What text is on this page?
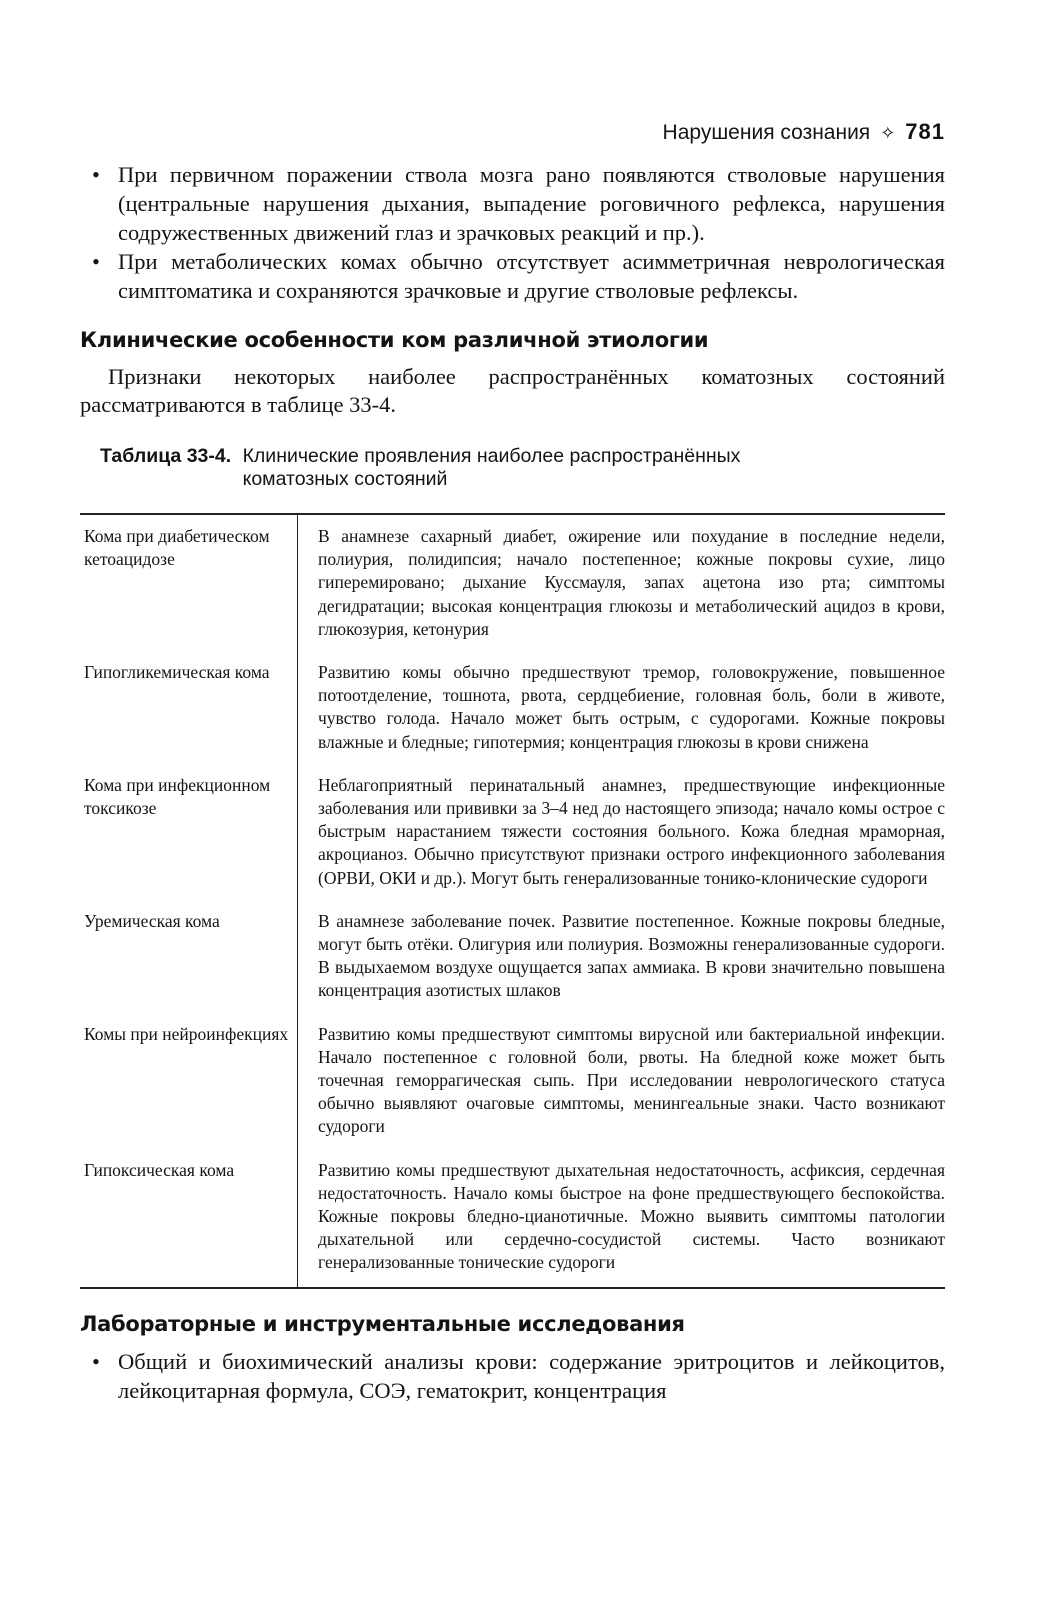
Нарушения сознания ✧ 781
• При первичном поражении ствола мозга рано появляются стволовые нарушения (центральные нарушения дыхания, выпадение роговичного рефлекса, нарушения содружественных движений глаз и зрачковых реакций и пр.).
• При метаболических комах обычно отсутствует асимметричная неврологическая симптоматика и сохраняются зрачковые и другие стволовые рефлексы.
Клинические особенности ком различной этиологии

Признаки некоторых наиболее распространённых коматозных состояний рассматриваются в таблице 33-4.

Таблица 33-4. Клинические проявления наиболее распространённых коматозных состояний
Кома при диабетическом кетоацидозе	В анамнезе сахарный диабет, ожирение или похудание в последние недели, полиурия, полидипсия; начало постепенное; кожные покровы сухие, лицо гиперемировано; дыхание Куссмауля, запах ацетона изо рта; симптомы дегидратации; высокая концентрация глюкозы и метаболический ацидоз в крови, глюкозурия, кетонурия
Гипогликемическая кома	Развитию комы обычно предшествуют тремор, головокружение, повышенное потоотделение, тошнота, рвота, сердцебиение, головная боль, боли в животе, чувство голода. Начало может быть острым, с судорогами. Кожные покровы влажные и бледные; гипотермия; концентрация глюкозы в крови снижена
Кома при инфекционном токсикозе	Неблагоприятный перинатальный анамнез, предшествующие инфекционные заболевания или прививки за 3–4 нед до настоящего эпизода; начало комы острое с быстрым нарастанием тяжести состояния больного. Кожа бледная мраморная, акроцианоз. Обычно присутствуют признаки острого инфекционного заболевания (ОРВИ, ОКИ и др.). Могут быть генерализованные тонико-клонические судороги
Уремическая кома	В анамнезе заболевание почек. Развитие постепенное. Кожные покровы бледные, могут быть отёки. Олигурия или полиурия. Возможны генерализованные судороги. В выдыхаемом воздухе ощущается запах аммиака. В крови значительно повышена концентрация азотистых шлаков
Комы при нейроинфекциях	Развитию комы предшествуют симптомы вирусной или бактериальной инфекции. Начало постепенное с головной боли, рвоты. На бледной коже может быть точечная геморрагическая сыпь. При исследовании неврологического статуса обычно выявляют очаговые симптомы, менингеальные знаки. Часто возникают судороги
Гипоксическая кома	Развитию комы предшествуют дыхательная недостаточность, асфиксия, сердечная недостаточность. Начало комы быстрое на фоне предшествующего беспокойства. Кожные покровы бледно-цианотичные. Можно выявить симптомы патологии дыхательной или сердечно-сосудистой системы. Часто возникают генерализованные тонические судороги
Лабораторные и инструментальные исследования
• Общий и биохимический анализы крови: содержание эритроцитов и лейкоцитов, лейкоцитарная формула, СОЭ, гематокрит, концентрация
